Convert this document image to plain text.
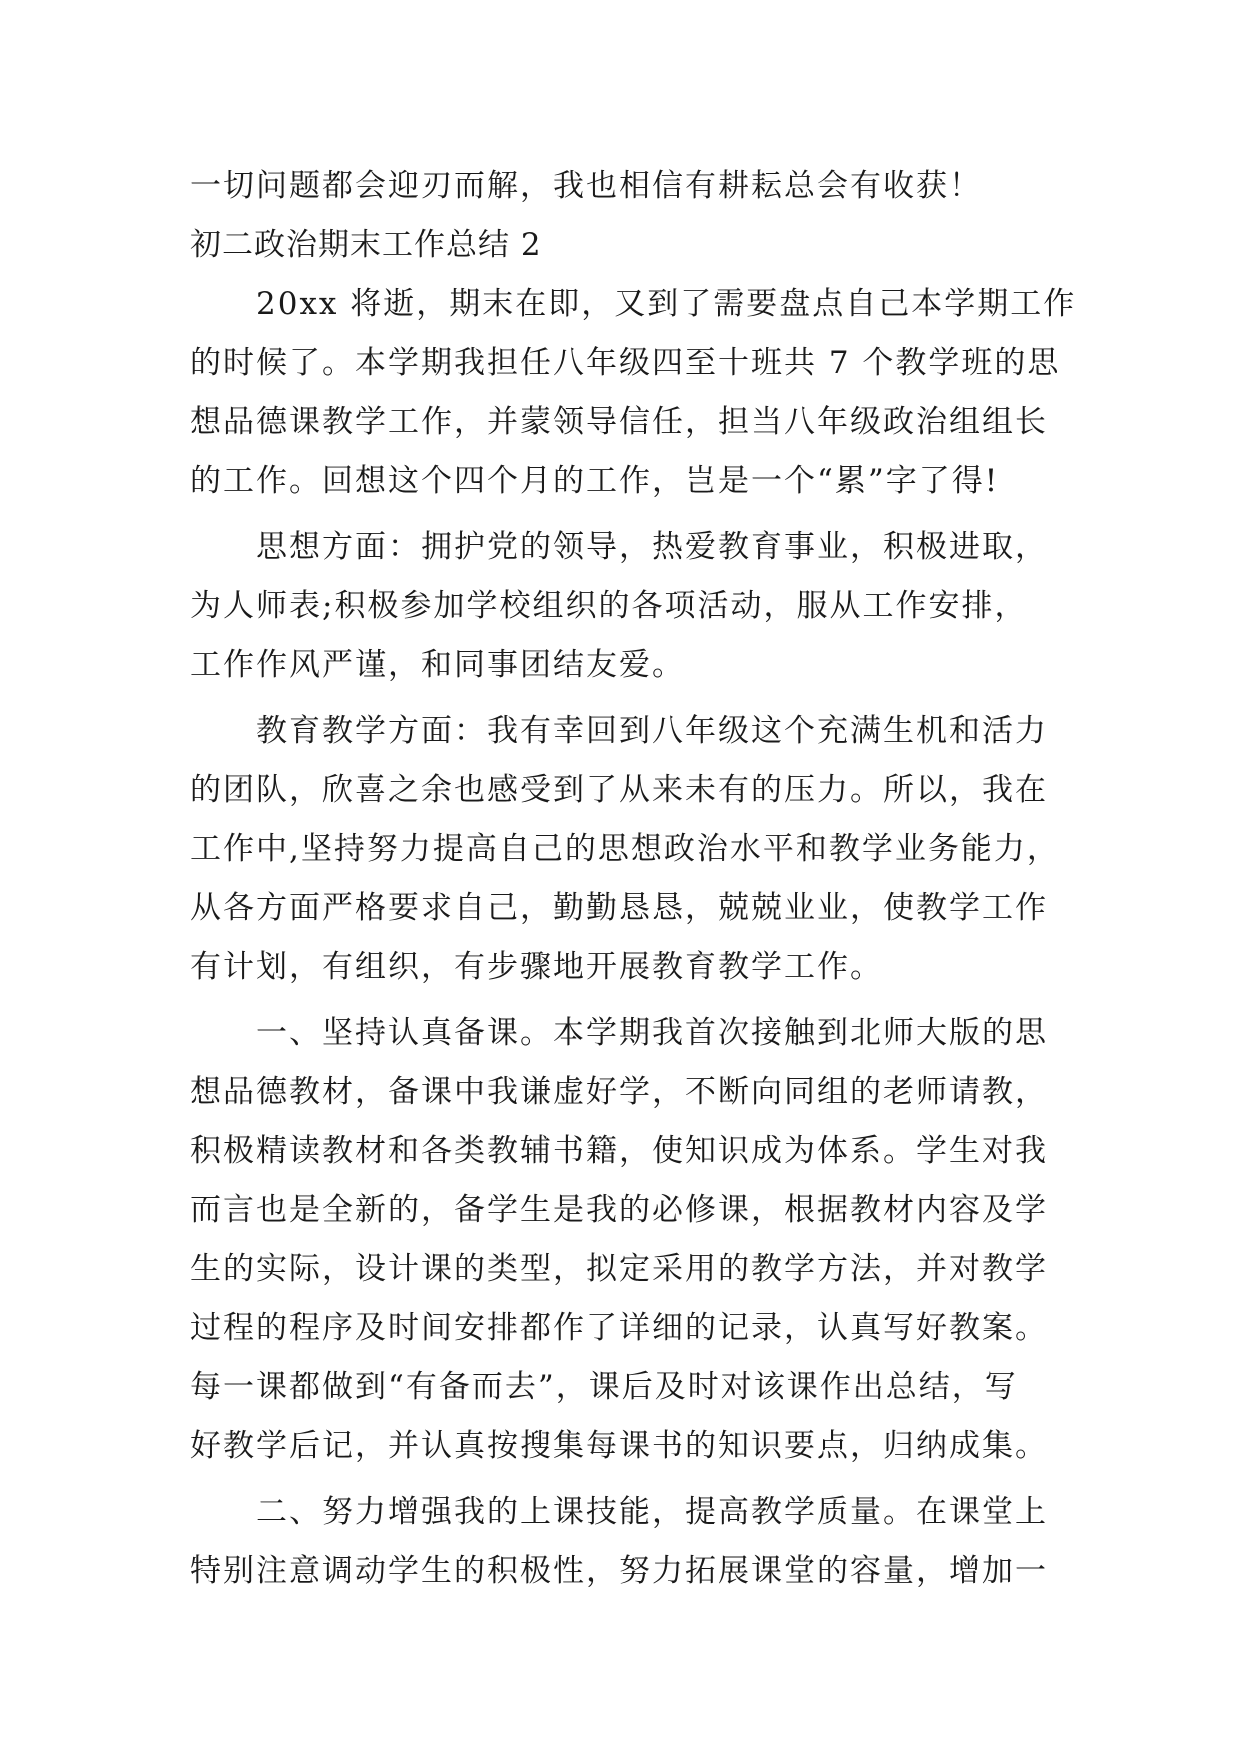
一切问题都会迎刃而解，我也相信有耕耘总会有收获！
初二政治期末工作总结 2
20xx 将逝，期末在即，又到了需要盘点自己本学期工作
的时候了。本学期我担任八年级四至十班共 7 个教学班的思
想品德课教学工作，并蒙领导信任，担当八年级政治组组长
的工作。回想这个四个月的工作，岂是一个“累”字了得!
思想方面：拥护党的领导，热爱教育事业，积极进取，
为人师表;积极参加学校组织的各项活动，服从工作安排，
工作作风严谨，和同事团结友爱。
教育教学方面：我有幸回到八年级这个充满生机和活力
的团队，欣喜之余也感受到了从来未有的压力。所以，我在
工作中,坚持努力提高自己的思想政治水平和教学业务能力，
从各方面严格要求自己，勤勤恳恳，兢兢业业，使教学工作
有计划，有组织，有步骤地开展教育教学工作。
一、坚持认真备课。本学期我首次接触到北师大版的思
想品德教材，备课中我谦虚好学，不断向同组的老师请教，
积极精读教材和各类教辅书籍，使知识成为体系。学生对我
而言也是全新的，备学生是我的必修课，根据教材内容及学
生的实际，设计课的类型，拟定采用的教学方法，并对教学
过程的程序及时间安排都作了详细的记录，认真写好教案。
每一课都做到“有备而去”，课后及时对该课作出总结，写
好教学后记，并认真按搜集每课书的知识要点，归纳成集。
二、努力增强我的上课技能，提高教学质量。在课堂上
特别注意调动学生的积极性，努力拓展课堂的容量，增加一
